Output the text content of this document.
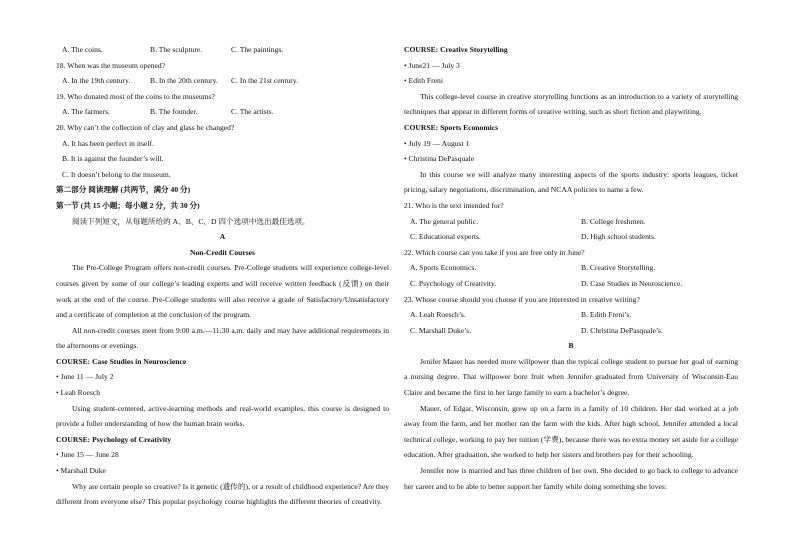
A. The coins.	B. The sculpture.	C. The paintings.
18. When was the museum opened?
A. In the 19th century.	B. In the 20th century.	C. In the 21st century.
19. Who donated most of the coins to the museums?
A. The farmers.	B. The founder.	C. The artists.
20. Why can’t the collection of clay and glass be changed?
A. It has been perfect in itself.
B. It is against the founder’s will.
C. It doesn’t belong to the museum.
第二部分 阅读理解 (共两节，满分 40 分)
第一节 (共 15 小题；每小题 2 分，共 30 分)
阅读下列短文，从每题所给的 A、B、C、D 四个选项中选出最佳选项。
A
Non-Credit Courses
The Pre-College Program offers non-credit courses. Pre-College students will experience college-level courses given by some of our college’s leading experts and will receive written feedback (反馈) on their work at the end of the course. Pre-College students will also receive a grade of Satisfactory/Unsatisfactory and a certificate of completion at the conclusion of the program.
All non-credit courses meet from 9:00 a.m.—11:30 a.m. daily and may have additional requirements in the afternoons or evenings.
COURSE: Case Studies in Neuroscience
• June 11 — July 2
• Leah Roesch
Using student-centered, active-learning methods and real-world examples, this course is designed to provide a fuller understanding of how the human brain works.
COURSE: Psychology of Creativity
• June 15 — June 28
• Marshall Duke
Why are certain people so creative? Is it genetic (遗传的), or a result of childhood experience? Are they different from everyone else? This popular psychology course highlights the different theories of creativity.
COURSE: Creative Storytelling
• June21 — July 3
• Edith Freni
This college-level course in creative storytelling functions as an introduction to a variety of storytelling techniques that appear in different forms of creative writing, such as short fiction and playwriting.
COURSE: Sports Economics
• July 19 — August 1
• Christina DePasquale
In this course we will analyze many interesting aspects of the sports industry: sports leagues, ticket pricing, salary negotiations, discrimination, and NCAA policies to name a few.
21. Who is the text intended for?
A. The general public.	B. College freshmen.
C. Educational experts.	D. High school students.
22. Which course can you take if you are free only in June?
A. Sports Economics.	B. Creative Storytelling.
C. Psychology of Creativity.	D. Case Studies in Neuroscience.
23. Whose course should you choose if you are interested in creative writing?
A. Leah Roesch’s.	B. Edith Freni’s.
C. Marshall Duke’s.	D. Christina DePasquale’s.
B
Jenifer Mauer has needed more willpower than the typical college student to pursue her goal of earning a nursing degree. That willpower bore fruit when Jennifer graduated from University of Wisconsin-Eau Claire and became the first in her large family to earn a bachelor’s degree.
Mauer, of Edgar, Wisconsin, grew up on a farm in a family of 10 children. Her dad worked at a job away from the farm, and her mother ran the farm with the kids. After high school, Jennifer attended a local technical college, working to pay her tuition (学费), because there was no extra money set aside for a college education. After graduation, she worked to help her sisters and brothers pay for their schooling.
Jennifer now is married and has three children of her own. She decided to go back to college to advance her career and to be able to better support her family while doing something she loves:
